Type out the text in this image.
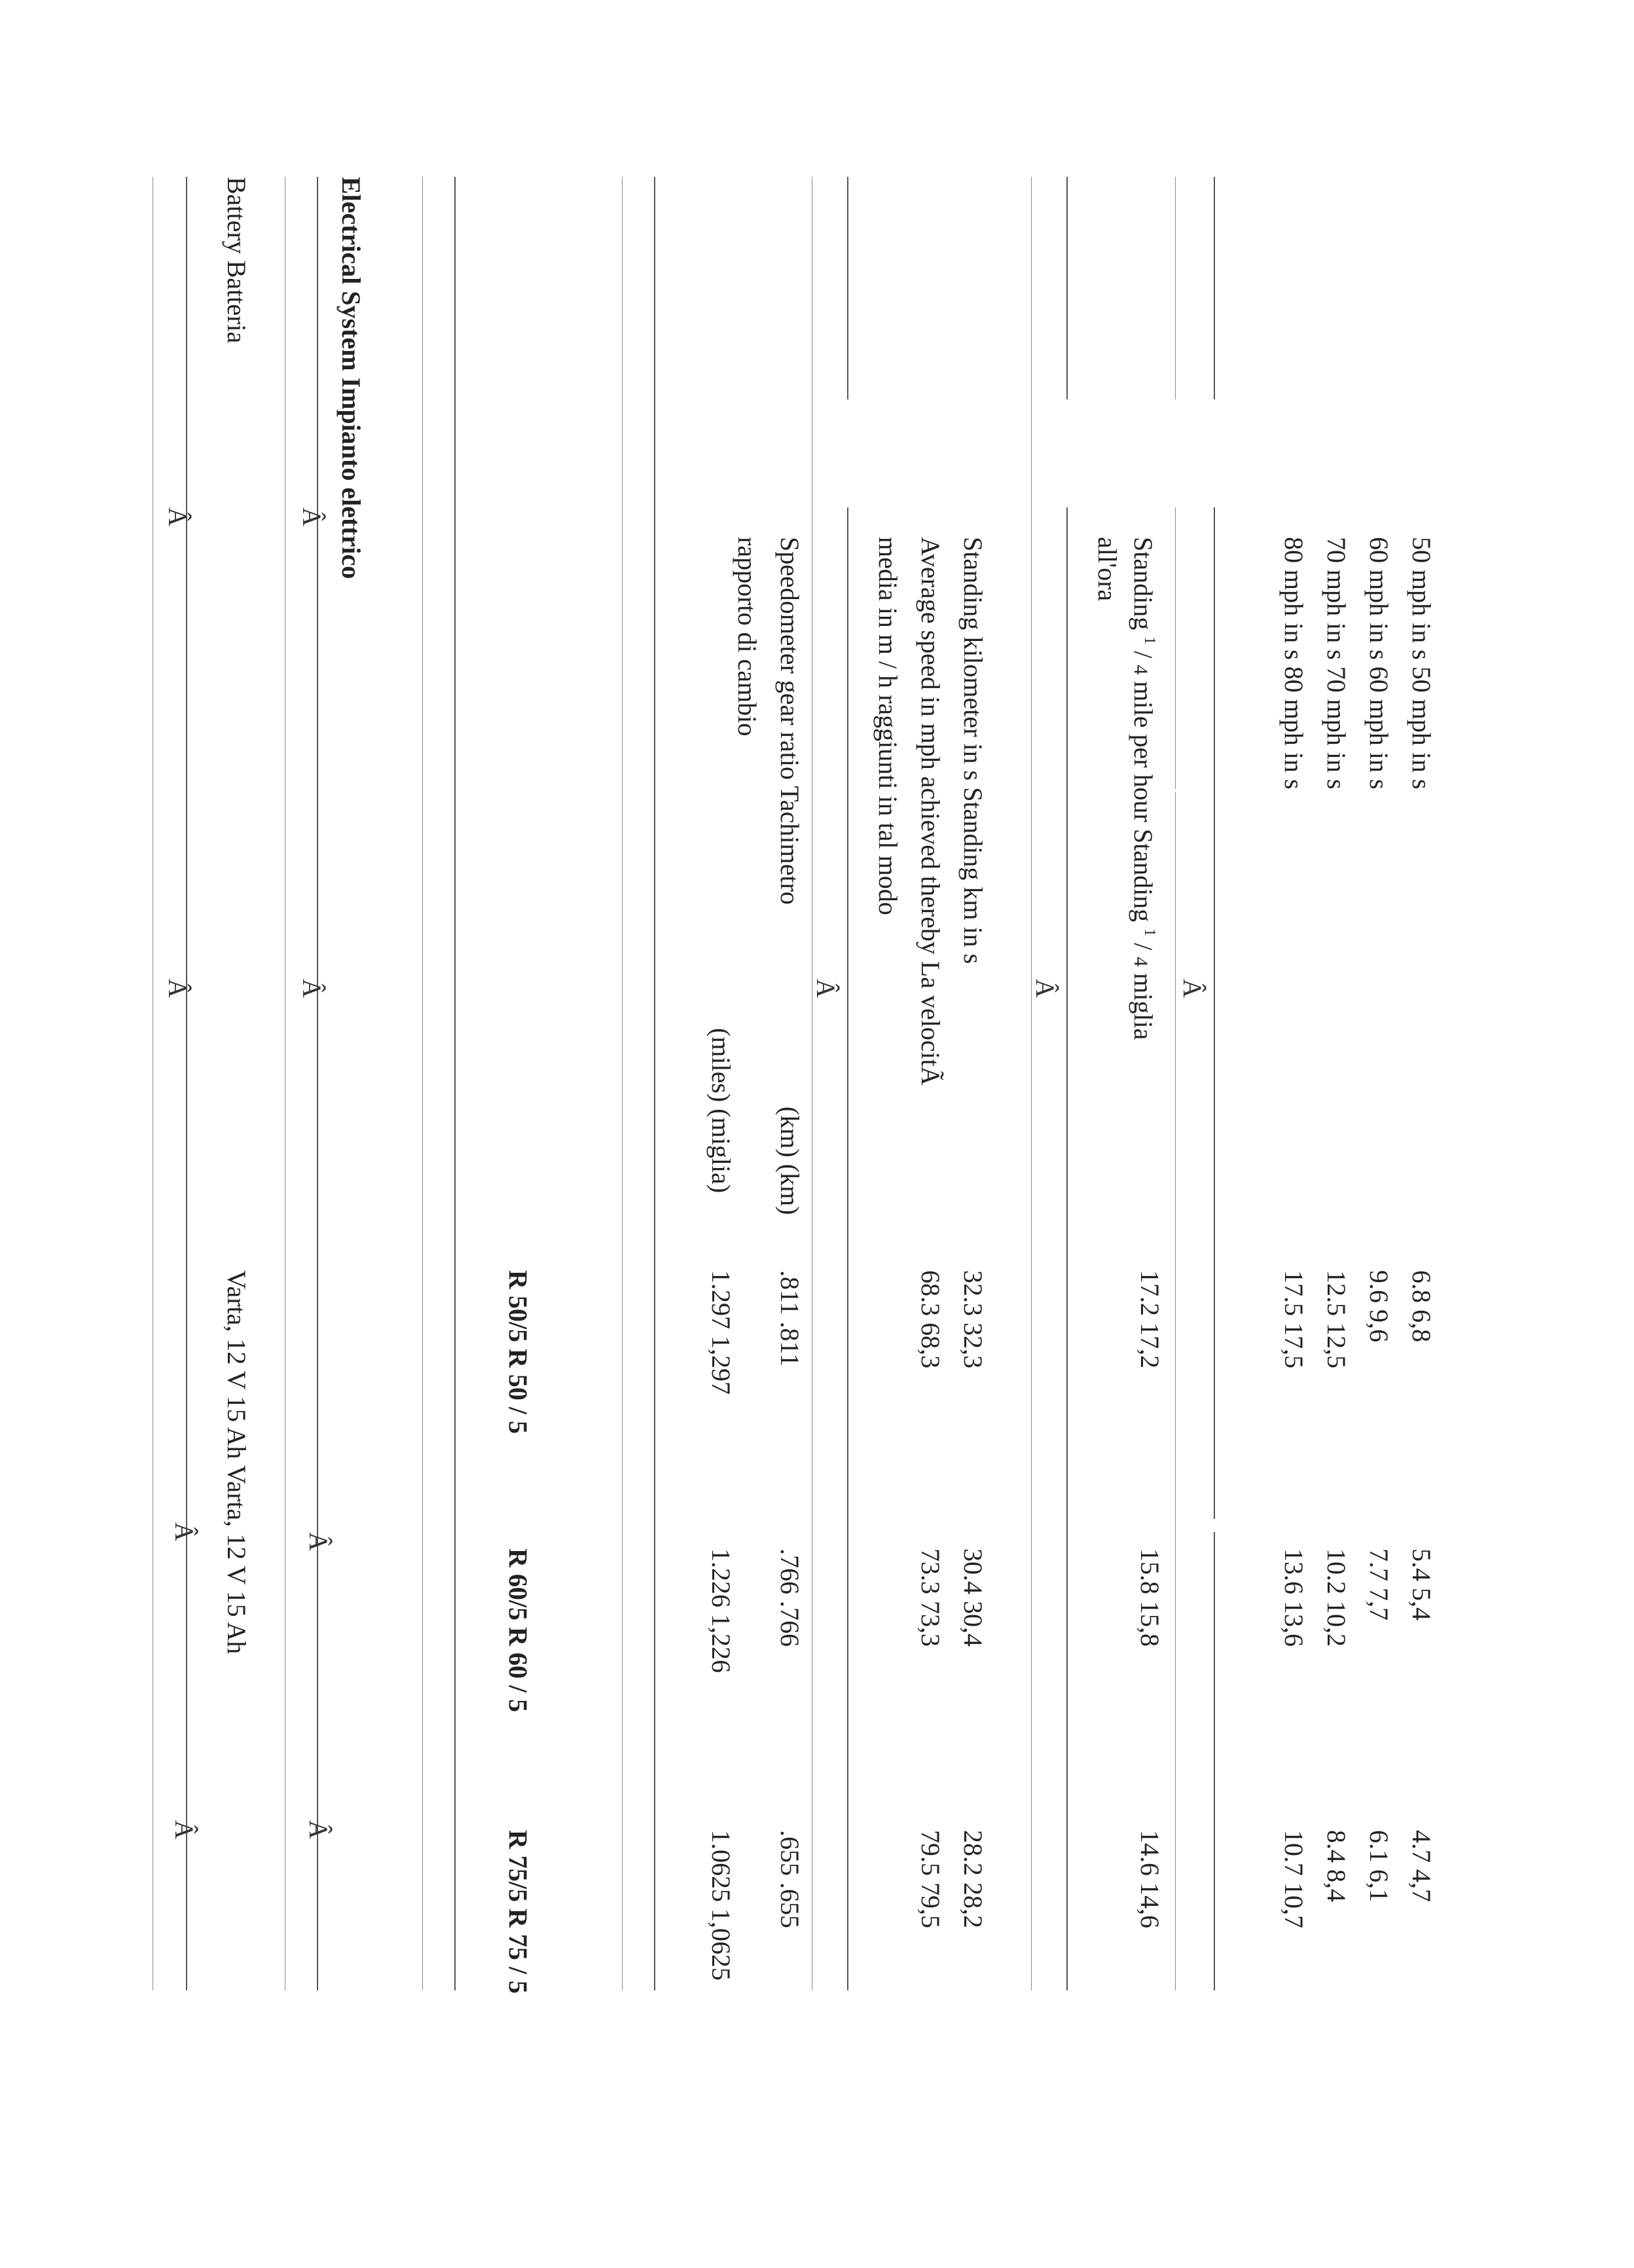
50 mph in s 50 mph in s
60 mph in s 60 mph in s
70 mph in s 70 mph in s
80 mph in s 80 mph in s
6.8 6,8
9.6 9,6
12.5 12,5
17.5 17,5
5.4 5,4
7.7 7,7
10.2 10,2
13.6 13,6
4.7 4,7
6.1 6,1
8.4 8,4
10.7 10,7
Â
Standing $^1$ / 4 mile per hour Standing $^1$ / 4 miglia
all'ora
17.2 17,2
15.8 15,8
14.6 14,6
Â
Standing kilometer in s Standing km in s
Average speed in mph achieved thereby La velocitÃ
media in m / h raggiunti in tal modo
32.3 32,3
68.3 68,3
30.4 30,4
73.3 73,3
28.2 28,2
79.5 79,5
Â
Speedometer gear ratio Tachimetro
rapporto di cambio
(km) (km)
(miles) (miglia)
.811 .811
1.297 1,297
.766 .766
1.226 1,226
.655 .655
1.0625 1,0625
R 50/5 R 50 / 5
R 60/5 R 60 / 5
R 75/5 R 75 / 5
Electrical System Impianto elettrico
Â
Â
Â
Â
Battery Batteria
Varta, 12 V 15 Ah Varta, 12 V 15 Ah
Â
Â
Â
Â
